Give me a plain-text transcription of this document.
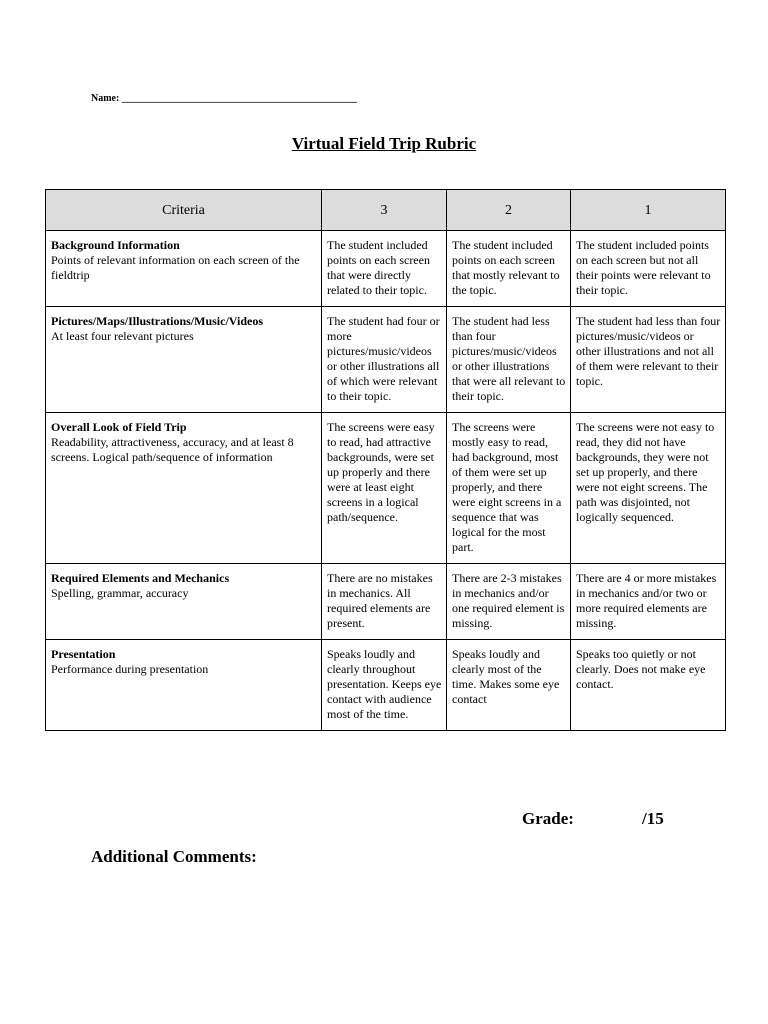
Name: _______________________________________________
Virtual Field Trip Rubric
Criteria	3	2	1

Background Information
Points of relevant information on each screen of the fieldtrip	The student included points on each screen that were directly related to their topic.	The student included points on each screen that mostly relevant to the topic.	The student included points on each screen but not all their points were relevant to their topic.

Pictures/Maps/Illustrations/Music/Videos
At least four relevant pictures	The student had four or more pictures/music/videos or other illustrations all of which were relevant to their topic.	The student had less than four pictures/music/videos or other illustrations that were all relevant to their topic.	The student had less than four pictures/music/videos or other illustrations and not all of them were relevant to their topic.

Overall Look of Field Trip
Readability, attractiveness, accuracy, and at least 8 screens. Logical path/sequence of information	The screens were easy to read, had attractive backgrounds, were set up properly and there were at least eight screens in a logical path/sequence.	The screens were mostly easy to read, had background, most of them were set up properly, and there were eight screens in a sequence that was logical for the most part.	The screens were not easy to read, they did not have backgrounds, they were not set up properly, and there were not eight screens. The path was disjointed, not logically sequenced.

Required Elements and Mechanics
Spelling, grammar, accuracy	There are no mistakes in mechanics. All required elements are present.	There are 2-3 mistakes in mechanics and/or one required element is missing.	There are 4 or more mistakes in mechanics and/or two or more required elements are missing.

Presentation
Performance during presentation	Speaks loudly and clearly throughout presentation. Keeps eye contact with audience most of the time.	Speaks loudly and clearly most of the time. Makes some eye contact	Speaks too quietly or not clearly. Does not make eye contact.
Grade:	/15
Additional Comments:
